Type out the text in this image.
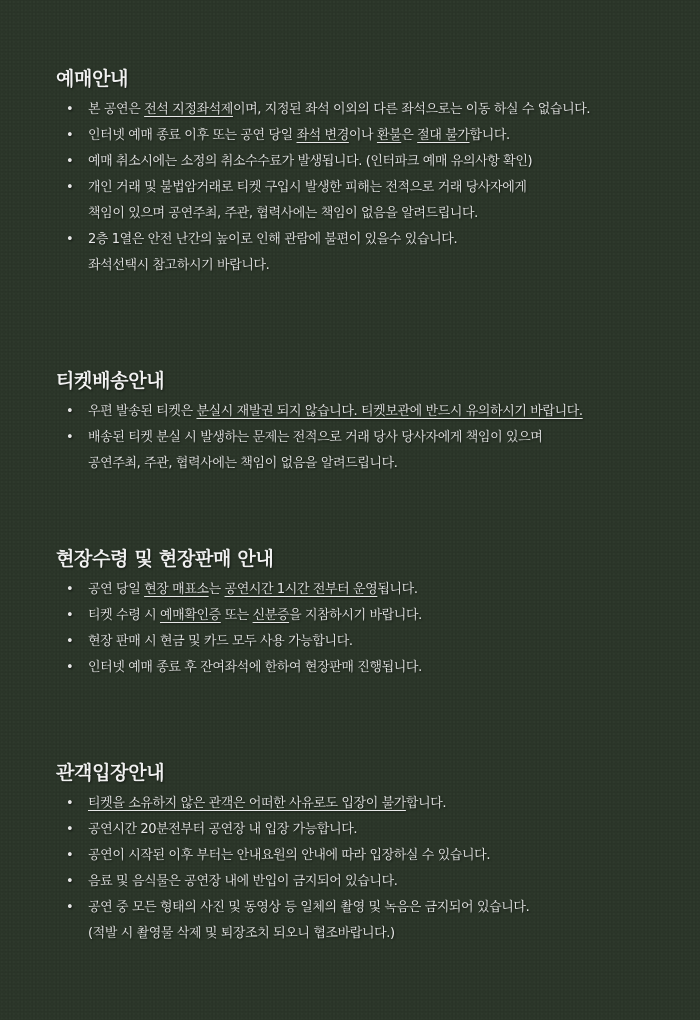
예매안내
• 본 공연은 전석 지정좌석제이며, 지정된 좌석 이외의 다른 좌석으로는 이동 하실 수 없습니다.
• 인터넷 예매 종료 이후 또는 공연 당일 좌석 변경이나 환불은 절대 불가합니다.
• 예매 취소시에는 소정의 취소수수료가 발생됩니다. (인터파크 예매 유의사항 확인)
• 개인 거래 및 불법암거래로 티켓 구입시 발생한 피해는 전적으로 거래 당사자에게
책임이 있으며 공연주최, 주관, 협력사에는 책임이 없음을 알려드립니다.
• 2층 1열은 안전 난간의 높이로 인해 관람에 불편이 있을수 있습니다.
좌석선택시 참고하시기 바랍니다.
티켓배송안내
• 우편 발송된 티켓은 분실시 재발권 되지 않습니다. 티켓보관에 반드시 유의하시기 바랍니다.
• 배송된 티켓 분실 시 발생하는 문제는 전적으로 거래 당사 당사자에게 책임이 있으며
공연주최, 주관, 협력사에는 책임이 없음을 알려드립니다.
현장수령 및 현장판매 안내
• 공연 당일 현장 매표소는 공연시간 1시간 전부터 운영됩니다.
• 티켓 수령 시 예매확인증 또는 신분증을 지참하시기 바랍니다.
• 현장 판매 시 현금 및 카드 모두 사용 가능합니다.
• 인터넷 예매 종료 후 잔여좌석에 한하여 현장판매 진행됩니다.
관객입장안내
• 티켓을 소유하지 않은 관객은 어떠한 사유로도 입장이 불가합니다.
• 공연시간 20분전부터 공연장 내 입장 가능합니다.
• 공연이 시작된 이후 부터는 안내요원의 안내에 따라 입장하실 수 있습니다.
• 음료 및 음식물은 공연장 내에 반입이 금지되어 있습니다.
• 공연 중 모든 형태의 사진 및 동영상 등 일체의 촬영 및 녹음은 금지되어 있습니다.
(적발 시 촬영물 삭제 및 퇴장조치 되오니 협조바랍니다.)
